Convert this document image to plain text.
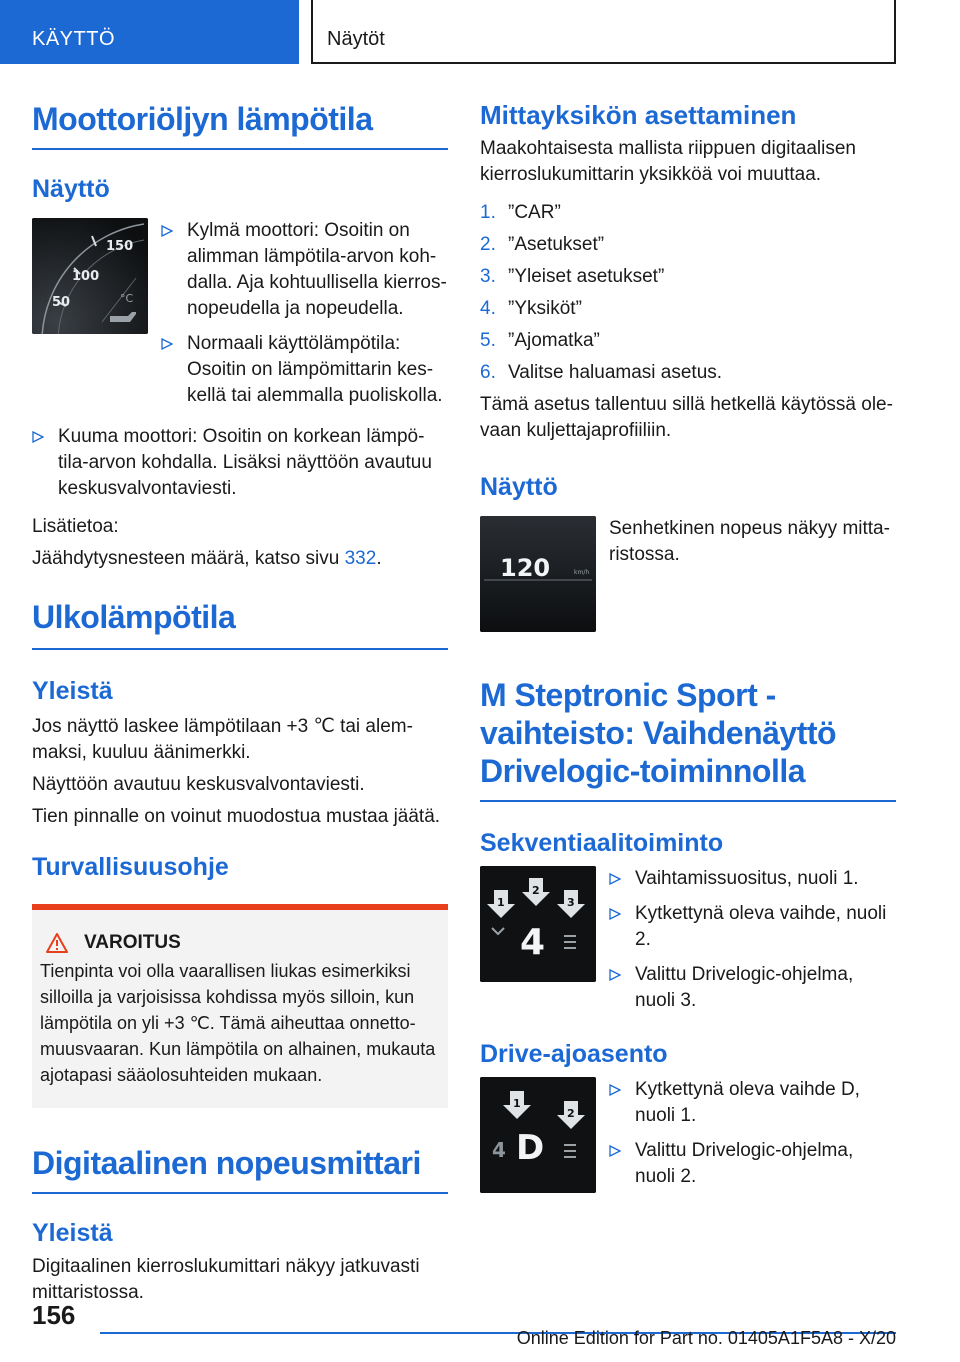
KÄYTTÖ	Näytöt
Moottoriöljyn lämpötila
Näyttö
150
100
50	°C
Kylmä moottori: Osoitin on alimman lämpötila-arvon kohdalla. Aja kohtuullisella kierrosnopeudella ja nopeudella.
Normaali käyttölämpötila: Osoitin on lämpömittarin keskellä tai alemmalla puoliskolla.
Kuuma moottori: Osoitin on korkean lämpötila-arvon kohdalla. Lisäksi näyttöön avautuu keskusvalvontaviesti.

Lisätietoa:

Jäähdytysnesteen määrä, katso sivu 332.

Ulkolämpötila
Yleistä

Jos näyttö laskee lämpötilaan +3 ℃ tai alemmaksi, kuuluu äänimerkki.

Näyttöön avautuu keskusvalvontaviesti.

Tien pinnalle on voinut muodostua mustaa jäätä.

Turvallisuusohje
VAROITUS

Tienpinta voi olla vaarallisen liukas esimerkiksi silloilla ja varjoisissa kohdissa myös silloin, kun lämpötila on yli +3 ℃. Tämä aiheuttaa onnettomuusvaaran. Kun lämpötila on alhainen, mukauta ajotapasi sääolosuhteiden mukaan.

Digitaalinen nopeusmittari
Yleistä

Digitaalinen kierroslukumittari näkyy jatkuvasti mittaristossa.

Mittayksikön asettaminen

Maakohtaisesta mallista riippuen digitaalisen kierroslukumittarin yksikköä voi muuttaa.

1. ”CAR”
2. ”Asetukset”
3. ”Yleiset asetukset”
4. ”Yksiköt”
5. ”Ajomatka”
6. Valitse haluamasi asetus.

Tämä asetus tallentuu sillä hetkellä käytössä olevaan kuljettajaprofiiliin.

Näyttö
120	km/h

Senhetkinen nopeus näkyy mittaristossa.

M Steptronic Sport -vaihteisto: Vaihdenäyttö Drivelogic-toiminnolla
Sekventiaalitoiminto
1
2
3
4
Vaihtamissuositus, nuoli 1.
Kytkettynä oleva vaihde, nuoli 2.
Valittu Drivelogic-ohjelma, nuoli 3.
Drive-ajoasento
1
2
4 D
Kytkettynä oleva vaihde D, nuoli 1.
Valittu Drivelogic-ohjelma, nuoli 2.
156
Online Edition for Part no. 01405A1F5A8 - X/20
